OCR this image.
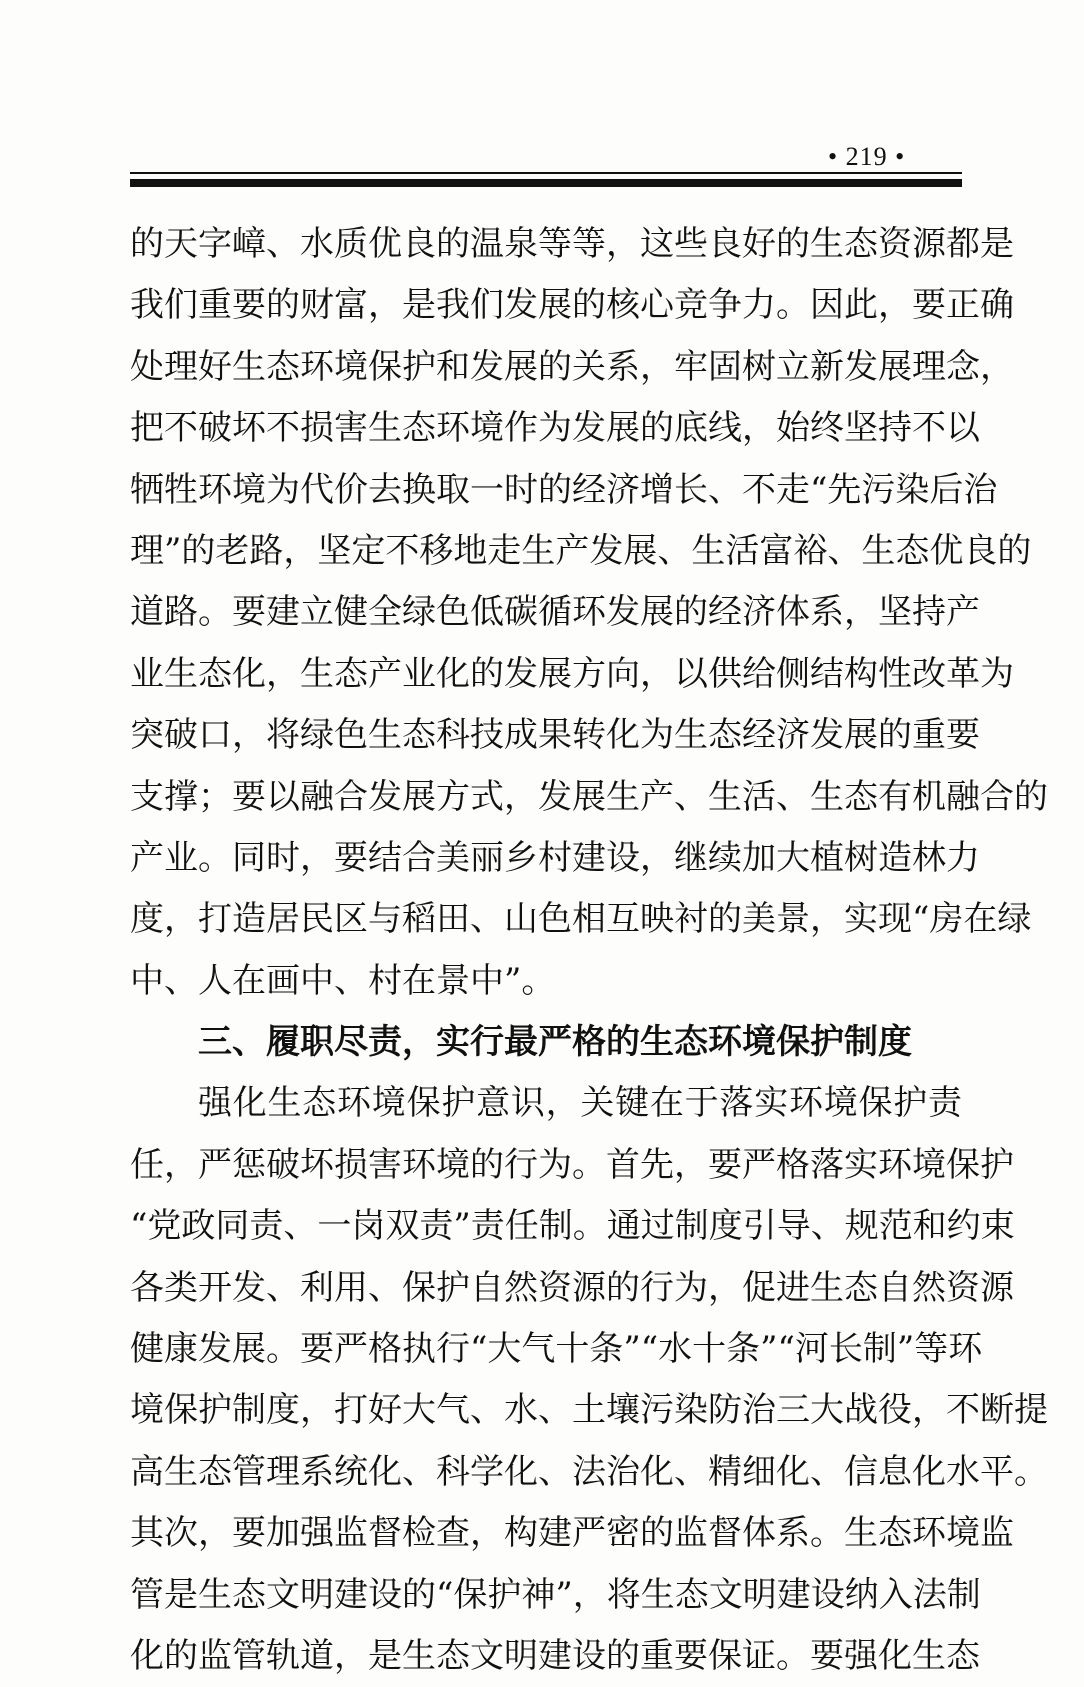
• 219 •
的天字嶂、水质优良的温泉等等，这些良好的生态资源都是
我们重要的财富，是我们发展的核心竞争力。因此，要正确
处理好生态环境保护和发展的关系，牢固树立新发展理念，
把不破坏不损害生态环境作为发展的底线，始终坚持不以
牺牲环境为代价去换取一时的经济增长、不走“先污染后治
理”的老路，坚定不移地走生产发展、生活富裕、生态优良的
道路。要建立健全绿色低碳循环发展的经济体系，坚持产
业生态化，生态产业化的发展方向，以供给侧结构性改革为
突破口，将绿色生态科技成果转化为生态经济发展的重要
支撑；要以融合发展方式，发展生产、生活、生态有机融合的
产业。同时，要结合美丽乡村建设，继续加大植树造林力
度，打造居民区与稻田、山色相互映衬的美景，实现“房在绿
中、人在画中、村在景中”。
三、履职尽责，实行最严格的生态环境保护制度
强化生态环境保护意识，关键在于落实环境保护责
任，严惩破坏损害环境的行为。首先，要严格落实环境保护
“党政同责、一岗双责”责任制。通过制度引导、规范和约束
各类开发、利用、保护自然资源的行为，促进生态自然资源
健康发展。要严格执行“大气十条”“水十条”“河长制”等环
境保护制度，打好大气、水、土壤污染防治三大战役，不断提
高生态管理系统化、科学化、法治化、精细化、信息化水平。
其次，要加强监督检查，构建严密的监督体系。生态环境监
管是生态文明建设的“保护神”，将生态文明建设纳入法制
化的监管轨道，是生态文明建设的重要保证。要强化生态
